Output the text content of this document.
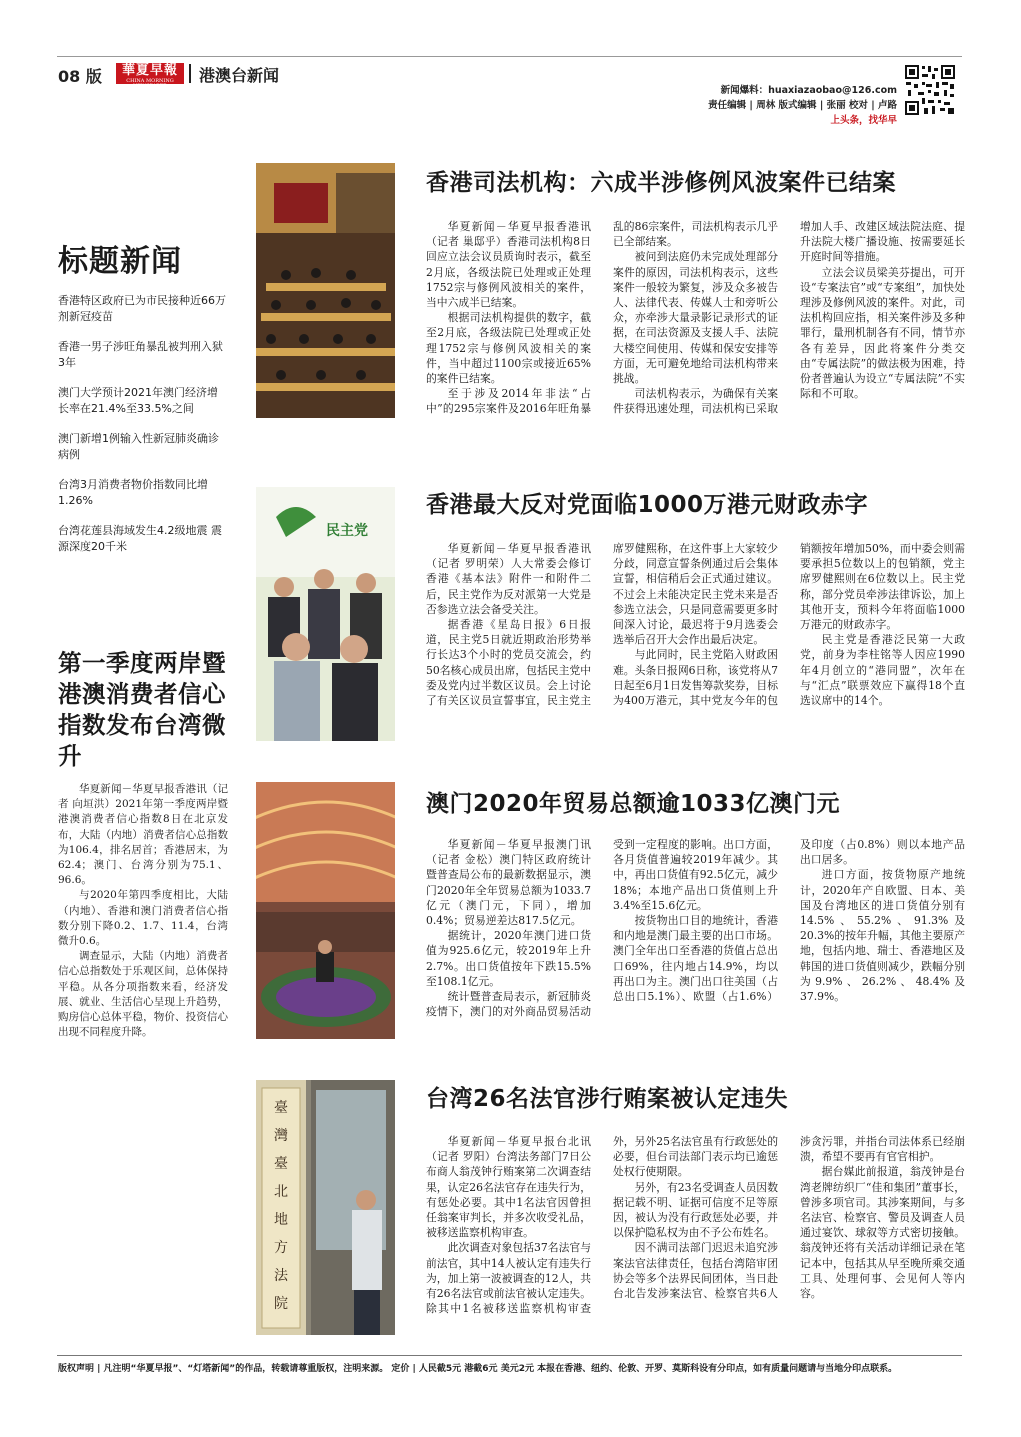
08 版	華夏早報
CHINA MORNING NEWSPAPER
港澳台新闻
新闻爆料：huaxiazaobao@126.com
责任编辑 | 周林 版式编辑 | 张丽 校对 | 卢路
上头条，找华早
标题新闻
香港特区政府已为市民接种近66万剂新冠疫苗
香港一男子涉旺角暴乱被判刑入狱3年
澳门大学预计2021年澳门经济增长率在21.4%至33.5%之间
澳门新增1例输入性新冠肺炎确诊病例
台湾3月消费者物价指数同比增1.26%
台湾花莲县海域发生4.2级地震 震源深度20千米
第一季度两岸暨港澳消费者信心指数发布台湾微升

华夏新闻－华夏早报香港讯（记者 向垣洪）2021年第一季度两岸暨港澳消费者信心指数8日在北京发布，大陆（内地）消费者信心总指数为106.4，排名居首；香港居末，为62.4；澳门、台湾分别为75.1、96.6。

与2020年第四季度相比，大陆（内地）、香港和澳门消费者信心指数分别下降0.2、1.7、11.4，台湾微升0.6。

调查显示，大陆（内地）消费者信心总指数处于乐观区间，总体保持平稳。从各分项指数来看，经济发展、就业、生活信心呈现上升趋势，购房信心总体平稳，物价、投资信心出现不同程度升降。

香港司法机构：六成半涉修例风波案件已结案

华夏新闻－华夏早报香港讯（记者 巢邸乎）香港司法机构8日回应立法会议员质询时表示，截至2月底，各级法院已处理或正处理1752宗与修例风波相关的案件，当中六成半已结案。

根据司法机构提供的数字，截至2月底，各级法院已处理或正处理1752宗与修例风波相关的案件，当中超过1100宗或接近65%的案件已结案。

至于涉及2014年非法“占中”的295宗案件及2016年旺角暴乱的86宗案件，司法机构表示几乎已全部结案。

被问到法庭仍未完成处理部分案件的原因，司法机构表示，这些案件一般较为繁复，涉及众多被告人、法律代表、传媒人士和旁听公众，亦牵涉大量录影记录形式的证据，在司法资源及支援人手、法院大楼空间使用、传媒和保安安排等方面，无可避免地给司法机构带来挑战。

司法机构表示，为确保有关案件获得迅速处理，司法机构已采取增加人手、改建区域法院法庭、提升法院大楼广播设施、按需要延长开庭时间等措施。

立法会议员梁美芬提出，可开设“专案法官”或“专案组”，加快处理涉及修例风波的案件。对此，司法机构回应指，相关案件涉及多种罪行，量刑机制各有不同，情节亦各有差异，因此将案件分类交由“专属法院”的做法极为困难，持份者普遍认为设立“专属法院”不实际和不可取。

民主党
香港最大反对党面临1000万港元财政赤字

华夏新闻－华夏早报香港讯（记者 罗明荣）人大常委会修订香港《基本法》附件一和附件二后，民主党作为反对派第一大党是否参选立法会备受关注。

据香港《星岛日报》6日报道，民主党5日就近期政治形势举行长达3个小时的党员交流会，约50名核心成员出席，包括民主党中委及党内过半数区议员。会上讨论了有关区议员宣誓事宜，民主党主席罗健熙称，在这件事上大家较少分歧，同意宣誓条例通过后会集体宣誓，相信稍后会正式通过建议。不过会上未能决定民主党未来是否参选立法会，只是同意需要更多时间深入讨论，最迟将于9月选委会选举后召开大会作出最后决定。

与此同时，民主党陷入财政困难。头条日报网6日称，该党将从7日起至6月1日发售筹款奖券，目标为400万港元，其中党友今年的包销额按年增加50%，而中委会则需要承担5位数以上的包销额，党主席罗健熙则在6位数以上。民主党称，部分党员牵涉法律诉讼，加上其他开支，预料今年将面临1000万港元的财政赤字。

民主党是香港泛民第一大政党，前身为李柱铭等人因应1990年4月创立的“港同盟”，次年在与“汇点”联票效应下赢得18个直选议席中的14个。

澳门2020年贸易总额逾1033亿澳门元

华夏新闻－华夏早报澳门讯（记者 金松）澳门特区政府统计暨普查局公布的最新数据显示，澳门2020年全年贸易总额为1033.7亿元（澳门元，下同），增加0.4%；贸易逆差达817.5亿元。

据统计，2020年澳门进口货值为925.6亿元，较2019年上升2.7%。出口货值按年下跌15.5%至108.1亿元。

统计暨普查局表示，新冠肺炎疫情下，澳门的对外商品贸易活动受到一定程度的影响。出口方面，各月货值普遍较2019年减少。其中，再出口货值有92.5亿元，减少18%；本地产品出口货值则上升3.4%至15.6亿元。

按货物出口目的地统计，香港和内地是澳门最主要的出口市场。澳门全年出口至香港的货值占总出口69%，往内地占14.9%，均以再出口为主。澳门出口往美国（占总出口5.1%）、欧盟（占1.6%）及印度（占0.8%）则以本地产品出口居多。

进口方面，按货物原产地统计，2020年产自欧盟、日本、美国及台湾地区的进口货值分别有14.5%、55.2%、91.3%及20.3%的按年升幅，其他主要原产地，包括内地、瑞士、香港地区及韩国的进口货值则减少，跌幅分别为9.9%、26.2%、48.4%及37.9%。

臺
灣
臺
北
地
方
法
院
台湾26名法官涉行贿案被认定违失

华夏新闻－华夏早报台北讯（记者 罗阳）台湾法务部门7日公布商人翁茂钟行贿案第二次调查结果，认定26名法官存在违失行为，有惩处必要。其中1名法官因曾担任翁案审判长，并多次收受礼品，被移送监察机构审查。

此次调查对象包括37名法官与前法官，其中14人被认定有违失行为，加上第一波被调查的12人，共有26名法官或前法官被认定违失。除其中1名被移送监察机构审查外，另外25名法官虽有行政惩处的必要，但台司法部门表示均已逾惩处权行使期限。

另外，有23名受调查人员因数据记载不明、证据可信度不足等原因，被认为没有行政惩处必要，并以保护隐私权为由不予公布姓名。

因不满司法部门迟迟未追究涉案法官法律责任，包括台湾陪审团协会等多个法界民间团体，当日赴台北告发涉案法官、检察官共6人涉贪污罪，并指台司法体系已经崩溃，希望不要再有官官相护。

据台媒此前报道，翁茂钟是台湾老牌纺织厂“佳和集团”董事长，曾涉多项官司。其涉案期间，与多名法官、检察官、警员及调查人员通过宴饮、球叙等方式密切接触。翁茂钟还将有关活动详细记录在笔记本中，包括其从早至晚所乘交通工具、处理何事、会见何人等内容。

版权声明 | 凡注明“华夏早报”、“灯塔新闻”的作品，转载请尊重版权，注明来源。 定价 | 人民截5元 港截6元 美元2元 本报在香港、纽约、伦敦、开罗、莫斯科设有分印点，如有质量问题请与当地分印点联系。
